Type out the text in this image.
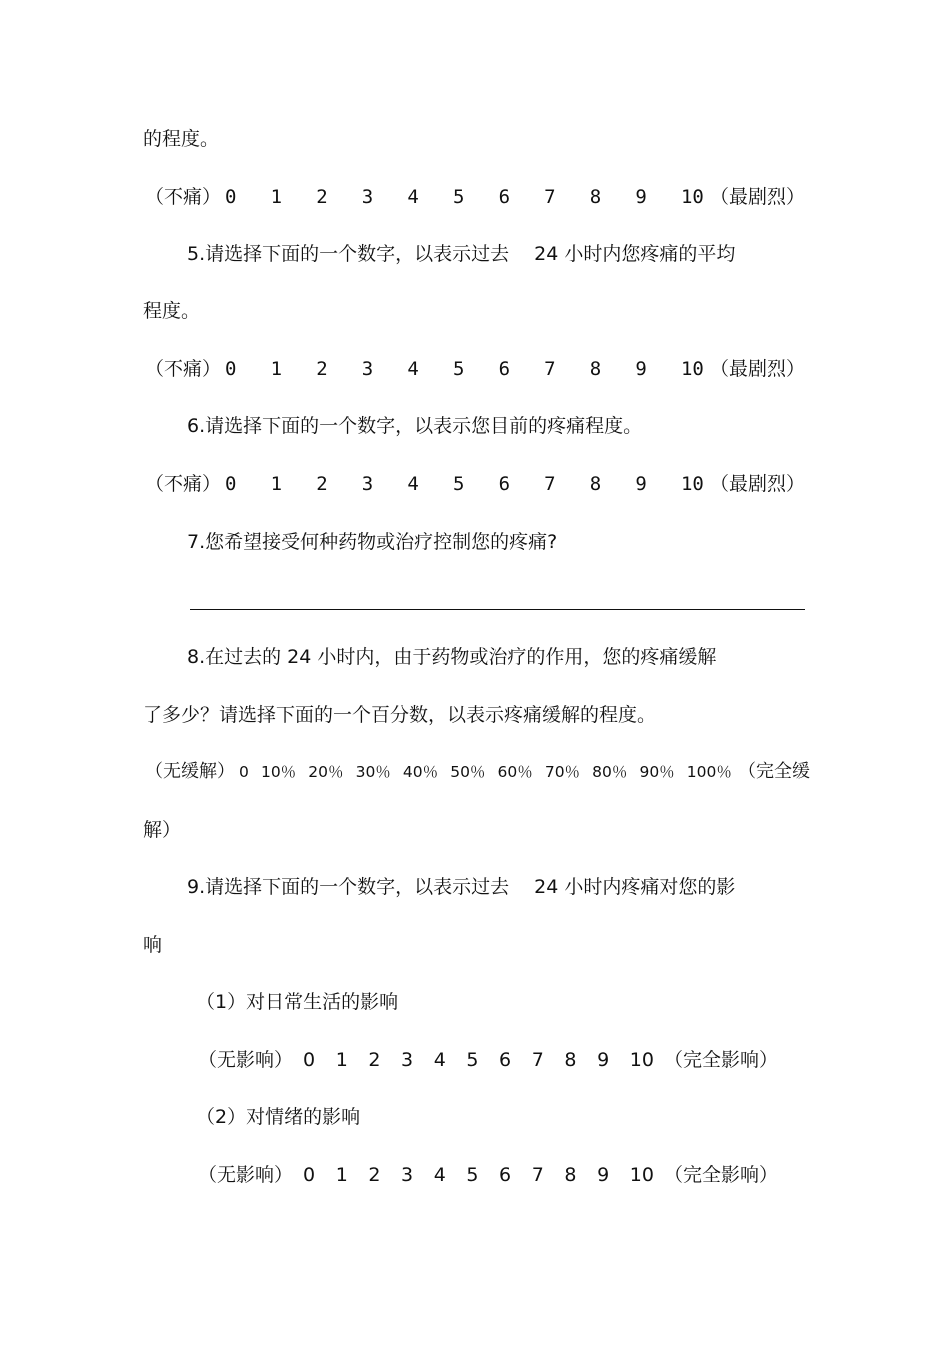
的程度。
（不痛） 0 1 2 3 4 5 6 7 8 9 10 （最剧烈）
5.请选择下面的一个数字，以表示过去　 24 小时内您疼痛的平均
程度。
（不痛） 0 1 2 3 4 5 6 7 8 9 10 （最剧烈）
6.请选择下面的一个数字，以表示您目前的疼痛程度。
（不痛） 0 1 2 3 4 5 6 7 8 9 10 （最剧烈）
7.您希望接受何种药物或治疗控制您的疼痛?
8.在过去的 24 小时内，由于药物或治疗的作用，您的疼痛缓解
了多少？请选择下面的一个百分数，以表示疼痛缓解的程度。
（无缓解） 0 10％ 20％ 30％ 40％ 50％ 60％ 70％ 80％ 90％ 100％ （完全缓
解）
9.请选择下面的一个数字，以表示过去　 24 小时内疼痛对您的影
响
（1）对日常生活的影响
（无影响） 0 1 2 3 4 5 6 7 8 9 10 （完全影响）
（2）对情绪的影响
（无影响） 0 1 2 3 4 5 6 7 8 9 10 （完全影响）
